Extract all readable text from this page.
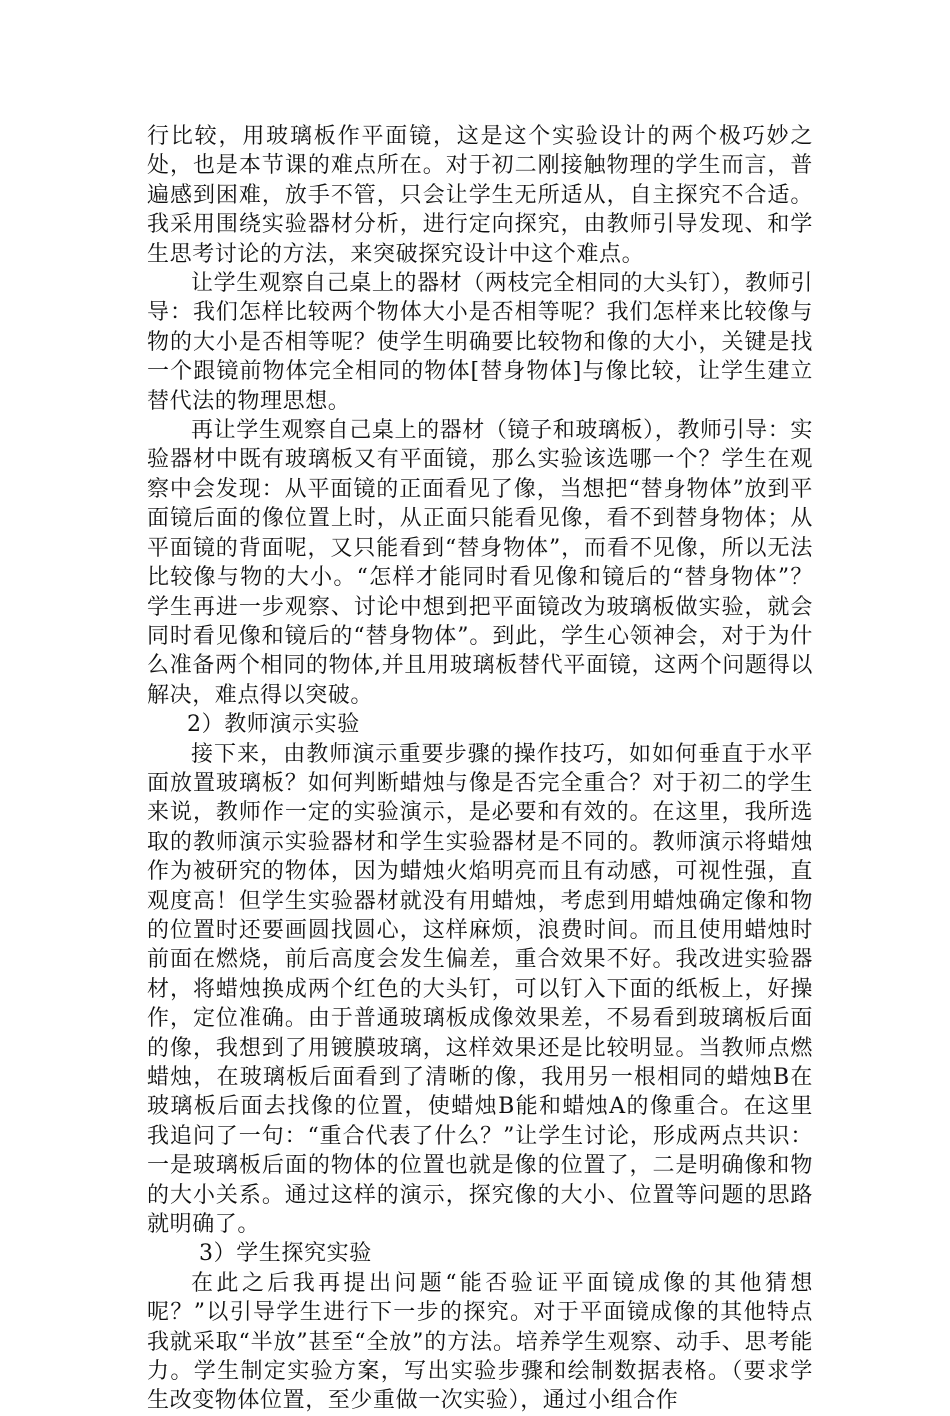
行比较，用玻璃板作平面镜，这是这个实验设计的两个极巧妙之处，也是本节课的难点所在。对于初二刚接触物理的学生而言，普遍感到困难，放手不管，只会让学生无所适从，自主探究不合适。我采用围绕实验器材分析，进行定向探究，由教师引导发现、和学生思考讨论的方法，来突破探究设计中这个难点。

让学生观察自己桌上的器材（两枝完全相同的大头钉），教师引导：我们怎样比较两个物体大小是否相等呢？我们怎样来比较像与物的大小是否相等呢？使学生明确要比较物和像的大小，关键是找一个跟镜前物体完全相同的物体[替身物体]与像比较，让学生建立替代法的物理思想。

再让学生观察自己桌上的器材（镜子和玻璃板），教师引导：实验器材中既有玻璃板又有平面镜，那么实验该选哪一个？学生在观察中会发现：从平面镜的正面看见了像，当想把“替身物体”放到平面镜后面的像位置上时，从正面只能看见像，看不到替身物体；从平面镜的背面呢，又只能看到“替身物体”，而看不见像，所以无法比较像与物的大小。“怎样才能同时看见像和镜后的“替身物体”？学生再进一步观察、讨论中想到把平面镜改为玻璃板做实验，就会同时看见像和镜后的“替身物体”。到此，学生心领神会，对于为什么准备两个相同的物体,并且用玻璃板替代平面镜，这两个问题得以解决，难点得以突破。

2）教师演示实验

接下来，由教师演示重要步骤的操作技巧，如如何垂直于水平面放置玻璃板？如何判断蜡烛与像是否完全重合？对于初二的学生来说，教师作一定的实验演示，是必要和有效的。在这里，我所选取的教师演示实验器材和学生实验器材是不同的。教师演示将蜡烛作为被研究的物体，因为蜡烛火焰明亮而且有动感，可视性强，直观度高！但学生实验器材就没有用蜡烛，考虑到用蜡烛确定像和物的位置时还要画圆找圆心，这样麻烦，浪费时间。而且使用蜡烛时前面在燃烧，前后高度会发生偏差，重合效果不好。我改进实验器材，将蜡烛换成两个红色的大头钉，可以钉入下面的纸板上，好操作，定位准确。由于普通玻璃板成像效果差，不易看到玻璃板后面的像，我想到了用镀膜玻璃，这样效果还是比较明显。当教师点燃蜡烛，在玻璃板后面看到了清晰的像，我用另一根相同的蜡烛B在玻璃板后面去找像的位置，使蜡烛B能和蜡烛A的像重合。在这里我追问了一句：“重合代表了什么？”让学生讨论，形成两点共识：一是玻璃板后面的物体的位置也就是像的位置了，二是明确像和物的大小关系。通过这样的演示，探究像的大小、位置等问题的思路就明确了。

3）学生探究实验

在此之后我再提出问题“能否验证平面镜成像的其他猜想呢？”以引导学生进行下一步的探究。对于平面镜成像的其他特点我就采取“半放”甚至“全放”的方法。培养学生观察、动手、思考能力。学生制定实验方案，写出实验步骤和绘制数据表格。（要求学生改变物体位置，至少重做一次实验），通过小组合作
